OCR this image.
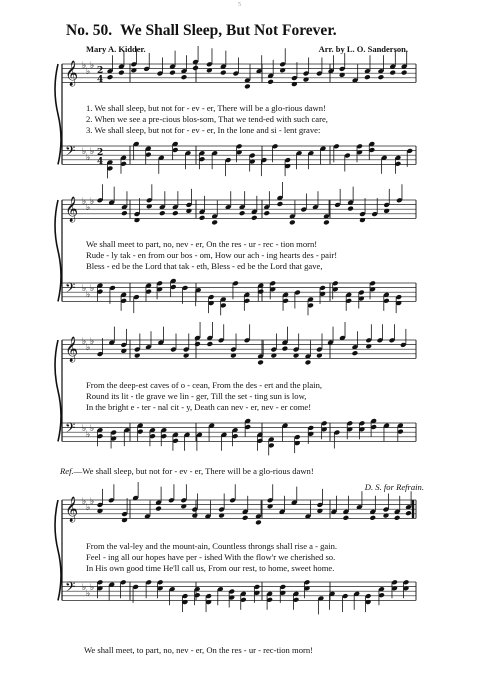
5
No. 50. We Shall Sleep, But Not Forever.
Mary A. Kidder.	Arr. by L. O. Sanderson.
𝄞 ♭
♭
♭ 2
4
𝄢 ♭
♭
♭ 2
4
𝄞 ♭
♭
♭
𝄢 ♭
♭
♭
𝄞 ♭
♭
♭
𝄢 ♭
♭
♭
𝄞 ♭
♭
♭
𝄢 ♭
♭
♭
1. We shall sleep, but not for - ev - er, There will be a glo-rious dawn!
2. When we see a pre-cious blos-som, That we tend-ed with such care,
3. We shall sleep, but not for - ev - er, In the lone and si - lent grave:
We shall meet to part, no, nev - er, On the res - ur - rec - tion morn!
Rude - ly tak - en from our bos - om, How our ach - ing hearts des - pair!
Bless - ed be the Lord that tak - eth, Bless - ed be the Lord that gave,
From the deep-est caves of o - cean, From the des - ert and the plain,
Round its lit - tle grave we lin - ger, Till the set - ting sun is low,
In the bright e - ter - nal cit - y, Death can nev - er, nev - er come!
Ref.—We shall sleep, but not for - ev - er, There will be a glo-rious dawn!
D. S. for Refrain.
From the val-ley and the mount-ain, Countless throngs shall rise a - gain.
Feel - ing all our hopes have per - ished With the flow'r we cherished so.
In His own good time He'll call us, From our rest, to home, sweet home.
We shall meet, to part, no, nev - er, On the res - ur - rec-tion morn!
